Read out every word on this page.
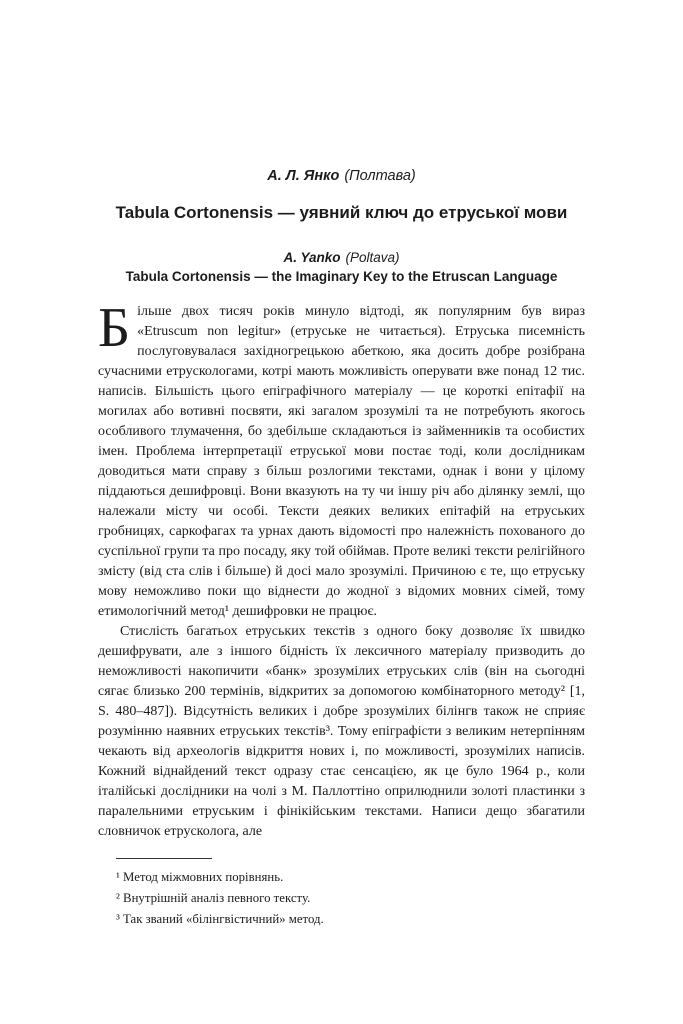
А. Л. Янко (Полтава)
Tabula Cortonensis — уявний ключ до етруської мови
A. Yanko (Poltava)
Tabula Cortonensis — the Imaginary Key to the Etruscan Language

Більше двох тисяч років минуло відтоді, як популярним був вираз «Etruscum non legitur» (етруське не читається). Етруська писемність послуговувалася західногрецькою абеткою, яка досить добре розібрана сучасними етрускологами, котрі мають можливість оперувати вже понад 12 тис. написів. Більшість цього епіграфічного матеріалу — це короткі епітафії на могилах або вотивні посвяти, які загалом зрозумілі та не потребують якогось особливого тлумачення, бо здебільше складаються із займенників та особистих імен. Проблема інтерпретації етруської мови постає тоді, коли дослідникам доводиться мати справу з більш розлогими текстами, однак і вони у цілому піддаються дешифровці. Вони вказують на ту чи іншу річ або ділянку землі, що належали місту чи особі. Тексти деяких великих епітафій на етруських гробницях, саркофагах та урнах дають відомості про належність похованого до суспільної групи та про посаду, яку той обіймав. Проте великі тексти релігійного змісту (від ста слів і більше) й досі мало зрозумілі. Причиною є те, що етруську мову неможливо поки що віднести до жодної з відомих мовних сімей, тому етимологічний метод¹ дешифровки не працює.

Стислість багатьох етруських текстів з одного боку дозволяє їх швидко дешифрувати, але з іншого бідність їх лексичного матеріалу призводить до неможливості накопичити «банк» зрозумілих етруських слів (він на сьогодні сягає близько 200 термінів, відкритих за допомогою комбінаторного методу² [1, S. 480–487]). Відсутність великих і добре зрозумілих білінгв також не сприяє розумінню наявних етруських текстів³. Тому епіграфісти з великим нетерпінням чекають від археологів відкриття нових і, по можливості, зрозумілих написів. Кожний віднайдений текст одразу стає сенсацією, як це було 1964 р., коли італійські дослідники на чолі з М. Паллоттіно оприлюднили золоті пластинки з паралельними етруським і фінікійським текстами. Написи дещо збагатили словничок етрусколога, але

¹ Метод міжмовних порівнянь.

² Внутрішній аналіз певного тексту.

³ Так званий «білінгвістичний» метод.
